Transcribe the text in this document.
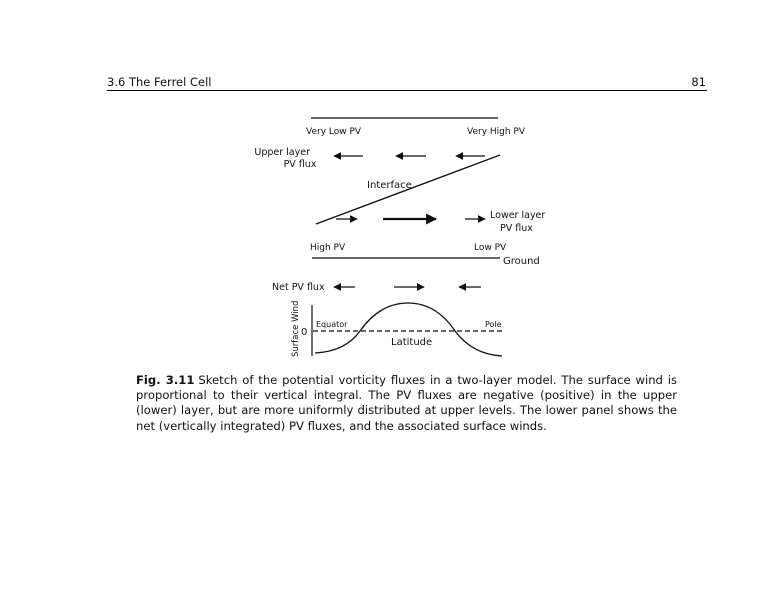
3.6 The Ferrel Cell	81
Very Low PV	Very High PV
Upper layer
PV flux
Interface
Lower layer
PV flux
High PV	Low PV
Ground
Net PV flux
Surface Wind 0
Equator	Pole
Latitude
Fig. 3.11 Sketch of the potential vorticity fluxes in a two-layer model. The surface wind is proportional to their vertical integral. The PV fluxes are negative (positive) in the upper (lower) layer, but are more uniformly distributed at upper levels. The lower panel shows the net (vertically integrated) PV fluxes, and the associated surface winds.
